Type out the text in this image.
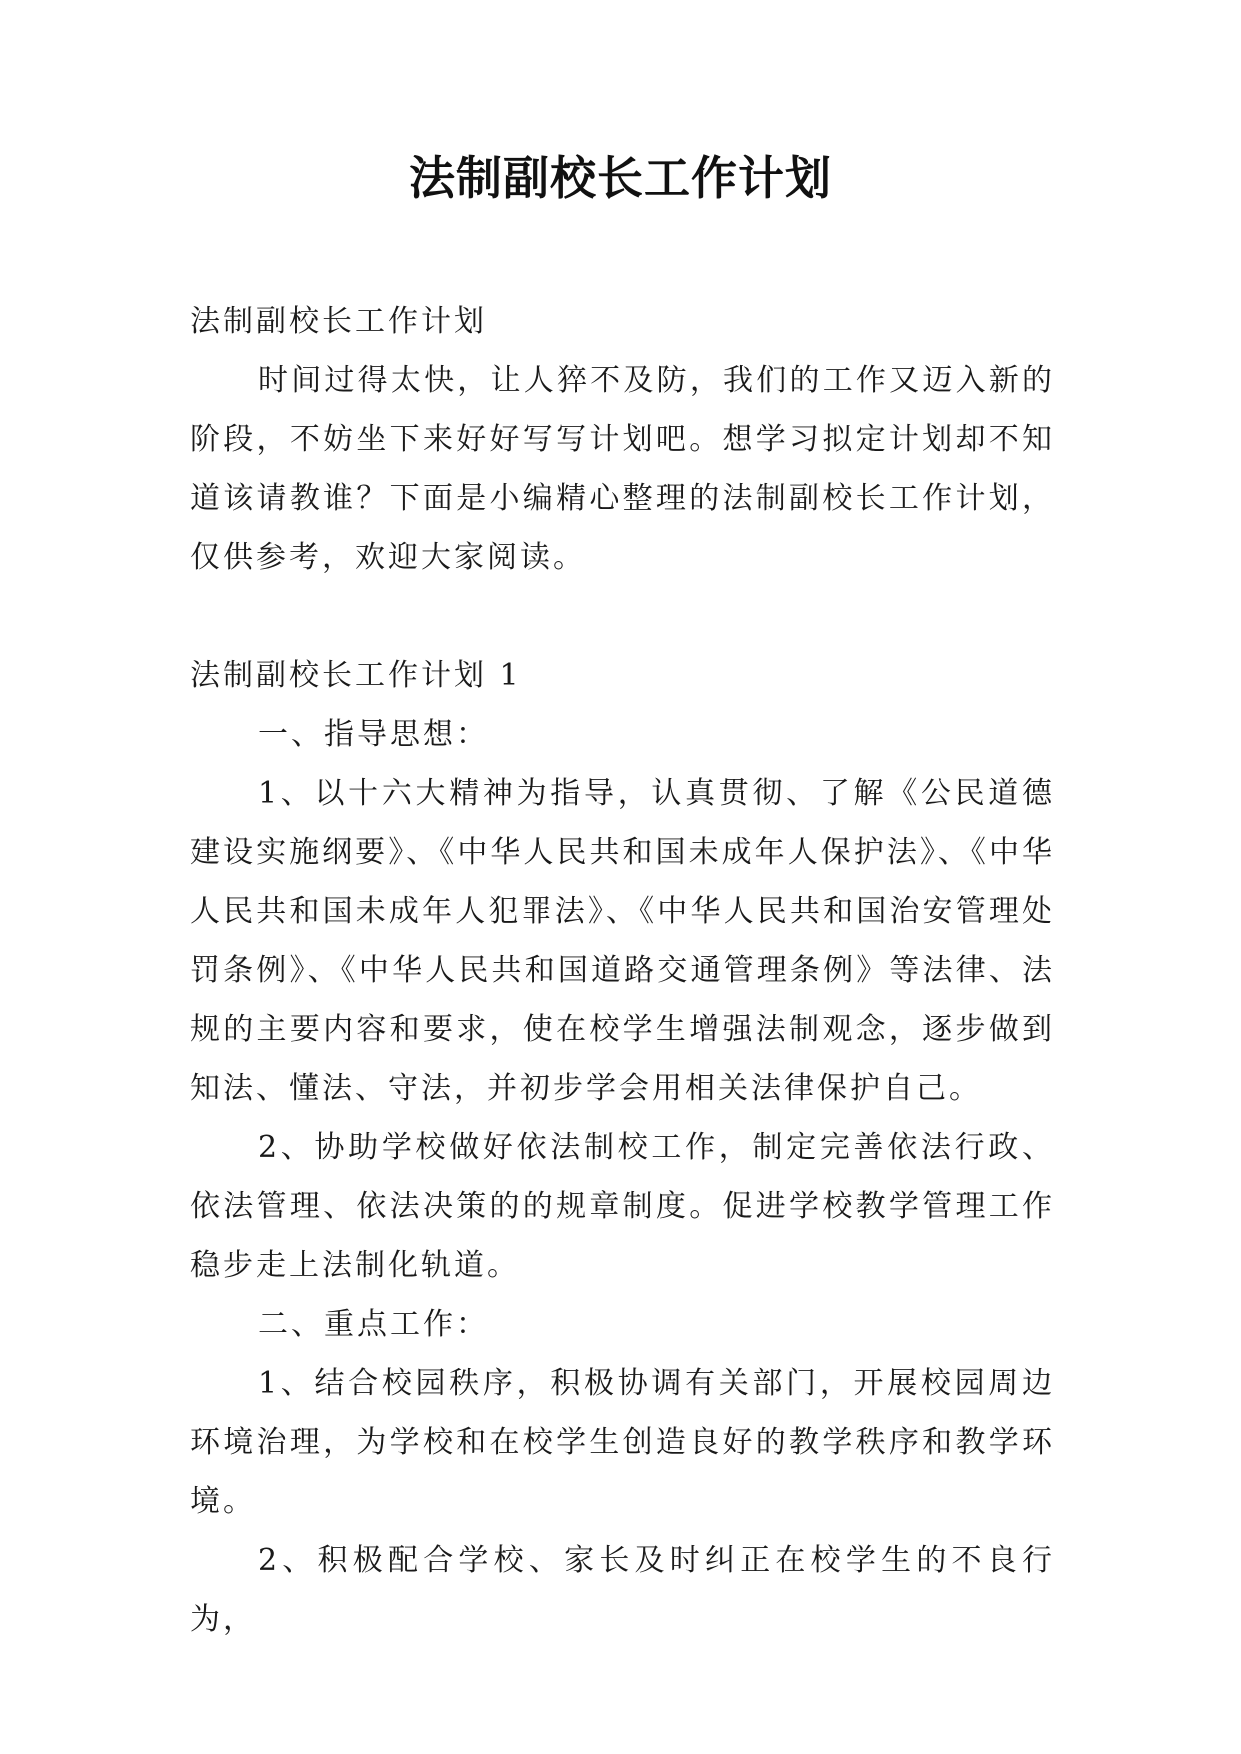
法制副校长工作计划

法制副校长工作计划

时间过得太快，让人猝不及防，我们的工作又迈入新的阶段，不妨坐下来好好写写计划吧。想学习拟定计划却不知道该请教谁？下面是小编精心整理的法制副校长工作计划，仅供参考，欢迎大家阅读。

法制副校长工作计划 1

一、指导思想：

1、以十六大精神为指导，认真贯彻、了解《公民道德建设实施纲要》、《中华人民共和国未成年人保护法》、《中华人民共和国未成年人犯罪法》、《中华人民共和国治安管理处罚条例》、《中华人民共和国道路交通管理条例》等法律、法规的主要内容和要求，使在校学生增强法制观念，逐步做到知法、懂法、守法，并初步学会用相关法律保护自己。

2、协助学校做好依法制校工作，制定完善依法行政、依法管理、依法决策的的规章制度。促进学校教学管理工作稳步走上法制化轨道。

二、重点工作：

1、结合校园秩序，积极协调有关部门，开展校园周边环境治理，为学校和在校学生创造良好的教学秩序和教学环境。

2、积极配合学校、家长及时纠正在校学生的不良行为，
